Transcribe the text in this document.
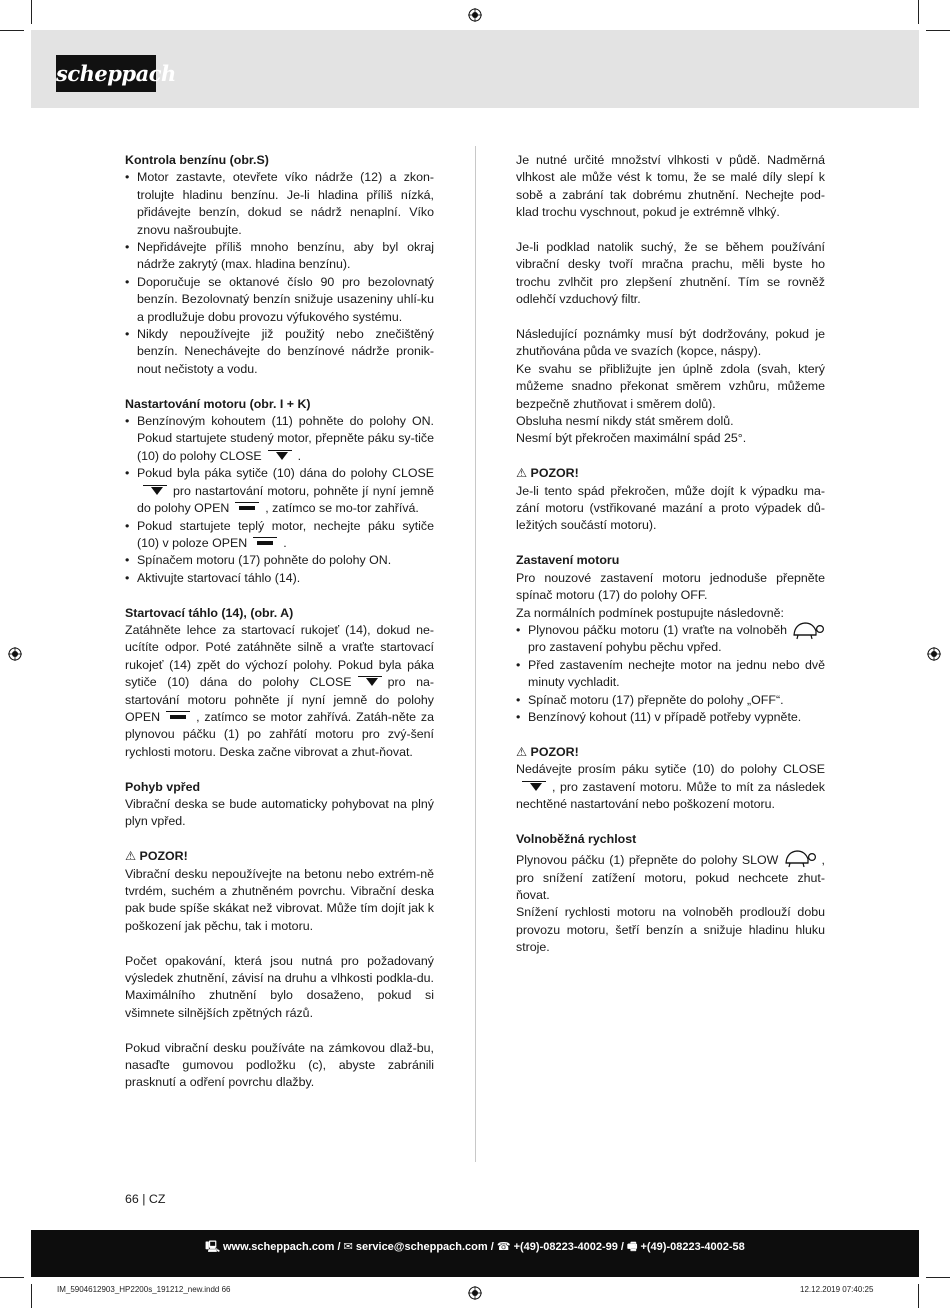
scheppach
Kontrola benzínu (obr.S)
• Motor zastavte, otevřete víko nádrže (12) a zkon-trolujte hladinu benzínu. Je-li hladina příliš nízká, přidávejte benzín, dokud se nádrž nenaplní. Víko znovu našroubujte.
• Nepřidávejte příliš mnoho benzínu, aby byl okraj nádrže zakrytý (max. hladina benzínu).
• Doporučuje se oktanové číslo 90 pro bezolovnatý benzín. Bezolovnatý benzín snižuje usazeniny uhlí-ku a prodlužuje dobu provozu výfukového systému.
• Nikdy nepoužívejte již použitý nebo znečištěný benzín. Nenechávejte do benzínové nádrže pronik-nout nečistoty a vodu.
Nastartování motoru (obr. I + K)
• Benzínovým kohoutem (11) pohněte do polohy ON. Pokud startujete studený motor, přepněte páku sy-tiče (10) do polohy CLOSE	.
• Pokud byla páka sytiče (10) dána do polohy CLOSEpro nastartování motoru, pohněte jí nyní jemně do polohy OPEN	, zatímco se mo-tor zahřívá.
• Pokud startujete teplý motor, nechejte páku sytiče (10) v poloze OPEN	.
• Spínačem motoru (17) pohněte do polohy ON.
• Aktivujte startovací táhlo (14).
Startovací táhlo (14), (obr. A)

Zatáhněte lehce za startovací rukojeť (14), dokud ne-ucítíte odpor. Poté zatáhněte silně a vraťte startovací rukojeť (14) zpět do výchozí polohy. Pokud byla páka sytiče (10) dána do polohy CLOSE	pro na-startování motoru pohněte jí nyní jemně do polohy OPEN	, zatímco se motor zahřívá. Zatáh-něte za plynovou páčku (1) po zahřátí motoru pro zvý-šení rychlosti motoru. Deska začne vibrovat a zhut-ňovat.

Pohyb vpřed

Vibrační deska se bude automaticky pohybovat na plný plyn vpřed.

⚠ POZOR!

Vibrační desku nepoužívejte na betonu nebo extrém-ně tvrdém, suchém a zhutněném povrchu. Vibrační deska pak bude spíše skákat než vibrovat. Může tím dojít jak k poškození jak pěchu, tak i motoru.

Počet opakování, která jsou nutná pro požadovaný výsledek zhutnění, závisí na druhu a vlhkosti podkla-du. Maximálního zhutnění bylo dosaženo, pokud si všimnete silnějších zpětných rázů.

Pokud vibrační desku používáte na zámkovou dlaž-bu, nasaďte gumovou podložku (c), abyste zabránili prasknutí a odření povrchu dlažby.

Je nutné určité množství vlhkosti v půdě. Nadměrná vlhkost ale může vést k tomu, že se malé díly slepí k sobě a zabrání tak dobrému zhutnění. Nechejte pod-klad trochu vyschnout, pokud je extrémně vlhký.

Je-li podklad natolik suchý, že se během používání vibrační desky tvoří mračna prachu, měli byste ho trochu zvlhčit pro zlepšení zhutnění. Tím se rovněž odlehčí vzduchový filtr.

Následující poznámky musí být dodržovány, pokud je zhutňována půda ve svazích (kopce, náspy).

Ke svahu se přibližujte jen úplně zdola (svah, který můžeme snadno překonat směrem vzhůru, můžeme bezpečně zhutňovat i směrem dolů).

Obsluha nesmí nikdy stát směrem dolů.

Nesmí být překročen maximální spád 25°.

⚠ POZOR!

Je-li tento spád překročen, může dojít k výpadku ma-zání motoru (vstřikované mazání a proto výpadek dů-ležitých součástí motoru).

Zastavení motoru

Pro nouzové zastavení motoru jednoduše přepněte spínač motoru (17) do polohy OFF.

Za normálních podmínek postupujte následovně:

• Plynovou páčku motoru (1) vraťte na volnoběh pro zastavení pohybu pěchu vpřed.
• Před zastavením nechejte motor na jednu nebo dvě minuty vychladit.
• Spínač motoru (17) přepněte do polohy „OFF“.
• Benzínový kohout (11) v případě potřeby vypněte.
⚠ POZOR!

Nedávejte prosím páku sytiče (10) do polohy CLOSE, pro zastavení motoru. Může to mít za následek nechtěné nastartování nebo poškození motoru.

Volnoběžná rychlost

Plynovou páčku (1) přepněte do polohy SLOW	, pro snížení zatížení motoru, pokud nechcete zhut-ňovat.

Snížení rychlosti motoru na volnoběh prodlouží dobu provozu motoru, šetří benzín a snižuje hladinu hluku stroje.

66 | CZ
🖳 www.scheppach.com / ✉ service@scheppach.com / ☎ +(49)-08223-4002-99 / 🖷 +(49)-08223-4002-58
IM_5904612903_HP2200s_191212_new.indd 66	12.12.2019 07:40:25
